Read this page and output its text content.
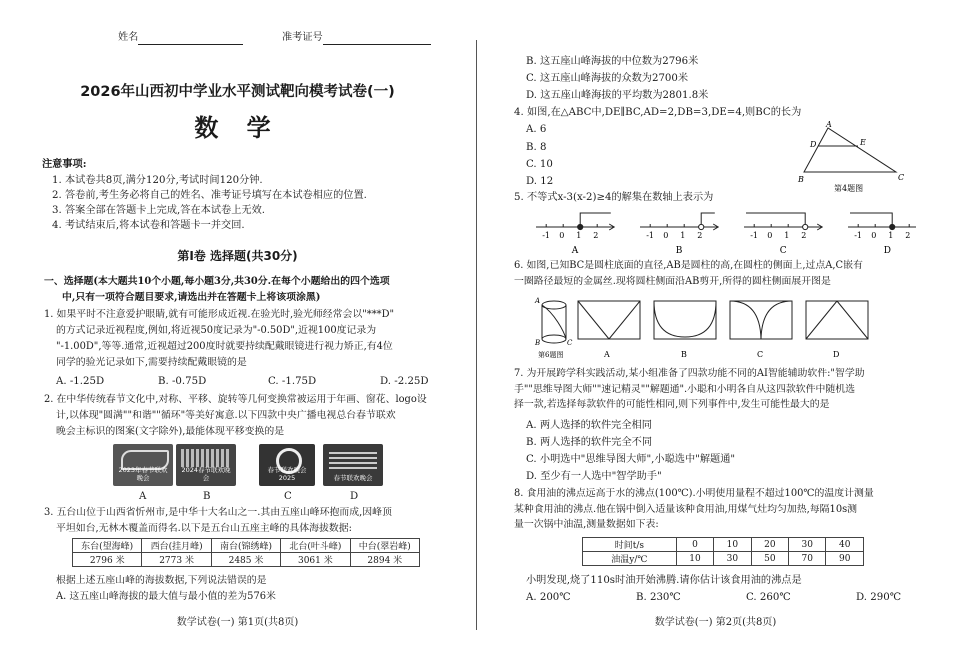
姓名	准考证号
2026年山西初中学业水平测试靶向模考试卷(一)
数 学
注意事项:
1. 本试卷共8页,满分120分,考试时间120分钟.
2. 答卷前,考生务必将自己的姓名、准考证号填写在本试卷相应的位置.
3. 答案全部在答题卡上完成,答在本试卷上无效.
4. 考试结束后,将本试卷和答题卡一并交回.
第Ⅰ卷 选择题(共30分)
一、选择题(本大题共10个小题,每小题3分,共30分.在每个小题给出的四个选项
中,只有一项符合题目要求,请选出并在答题卡上将该项涂黑)
1. 如果平时不注意爱护眼睛,就有可能形成近视.在验光时,验光师经常会以"***D"
的方式记录近视程度,例如,将近视50度记录为"-0.50D",近视100度记录为
"-1.00D",等等.通常,近视超过200度时就要持续配戴眼镜进行视力矫正,有4位
同学的验光记录如下,需要持续配戴眼镜的是
A. -1.25D	B. -0.75D	C. -1.75D	D. -2.25D
2. 在中华传统春节文化中,对称、平移、旋转等几何变换常被运用于年画、窗花、logo设
计,以体现"圆满""和谐""循环"等美好寓意.以下四款中央广播电视总台春节联欢
晚会主标识的图案(文字除外),最能体现平移变换的是
2023年春节联欢晚会
2024春节联欢晚会
春节联欢晚会2025	春节联欢晚会
A	B	C	D
3. 五台山位于山西省忻州市,是中华十大名山之一.其由五座山峰环抱而成,因峰顶
平坦如台,无林木覆盖而得名.以下是五台山五座主峰的具体海拔数据:
东台(望海峰)	西台(挂月峰)	南台(锦绣峰)	北台(叶斗峰)	中台(翠岩峰)
2796 米	2773 米	2485 米	3061 米	2894 米
根据上述五座山峰的海拔数据,下列说法错误的是
A. 这五座山峰海拔的最大值与最小值的差为576米
数学试卷(一) 第1页(共8页)
B. 这五座山峰海拔的中位数为2796米
C. 这五座山峰海拔的众数为2700米
D. 这五座山峰海拔的平均数为2801.8米
4. 如图,在△ABC中,DE∥BC,AD=2,DB=3,DE=4,则BC的长为
A. 6
B. 8
C. 10
D. 12
A
D	E
B	C
第4题图
5. 不等式x-3(x-2)≥4的解集在数轴上表示为
-1 0 1 2
A
-1 0 1 2
B
-1 0 1 2
C
-1 0 1 2
D
6. 如图,已知BC是圆柱底面的直径,AB是圆柱的高,在圆柱的侧面上,过点A,C嵌有
一圈路径最短的金属丝.现将圆柱侧面沿AB剪开,所得的圆柱侧面展开图是
A
B	C
第6题图	A	B	C	D
7. 为开展跨学科实践活动,某小组准备了四款功能不同的AI智能辅助软件:"智学助
手""思维导图大师""速记精灵""解题通".小聪和小明各自从这四款软件中随机选
择一款,若选择每款软件的可能性相同,则下列事件中,发生可能性最大的是
A. 两人选择的软件完全相同
B. 两人选择的软件完全不同
C. 小明选中"思维导图大师",小聪选中"解题通"
D. 至少有一人选中"智学助手"
8. 食用油的沸点远高于水的沸点(100℃).小明使用量程不超过100℃的温度计测量
某种食用油的沸点.他在锅中倒入适量该种食用油,用煤气灶均匀加热,每隔10s测
量一次锅中油温,测量数据如下表:
时间t/s	0	10	20	30	40
油温y/℃	10	30	50	70	90
小明发现,烧了110s时油开始沸腾.请你估计该食用油的沸点是
A. 200℃	B. 230℃	C. 260℃	D. 290℃
数学试卷(一) 第2页(共8页)
